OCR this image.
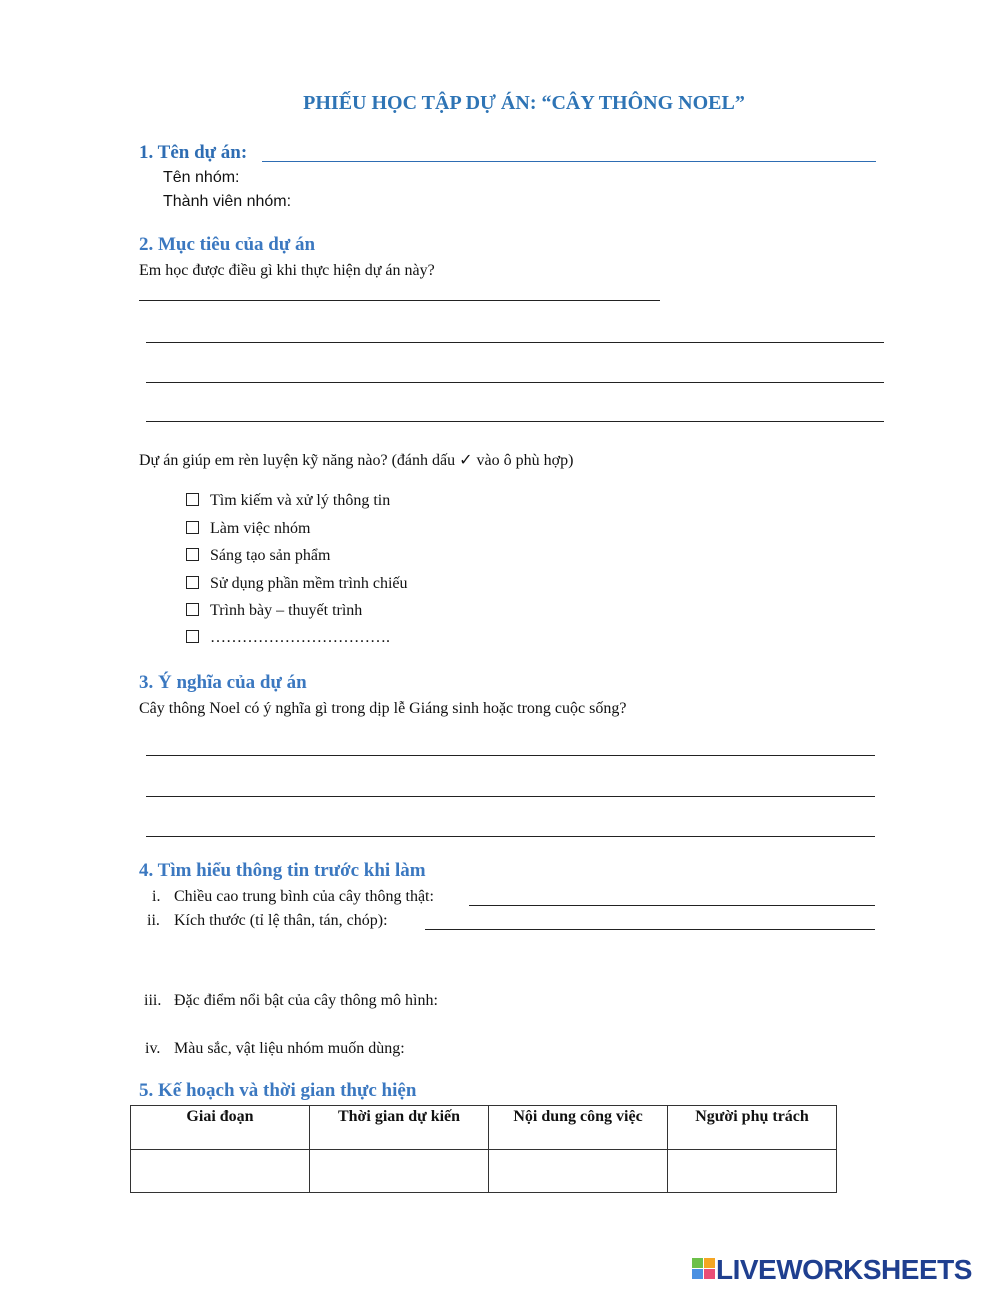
PHIẾU HỌC TẬP DỰ ÁN: “CÂY THÔNG NOEL”
1. Tên dự án:
Tên nhóm:
Thành viên nhóm:
2. Mục tiêu của dự án
Em học được điều gì khi thực hiện dự án này?
Dự án giúp em rèn luyện kỹ năng nào? (đánh dấu ✓ vào ô phù hợp)
Tìm kiếm và xử lý thông tin
Làm việc nhóm
Sáng tạo sản phẩm
Sử dụng phần mềm trình chiếu
Trình bày – thuyết trình
…………………………….
3. Ý nghĩa của dự án
Cây thông Noel có ý nghĩa gì trong dịp lễ Giáng sinh hoặc trong cuộc sống?
4. Tìm hiểu thông tin trước khi làm
i. Chiều cao trung bình của cây thông thật:
ii. Kích thước (tỉ lệ thân, tán, chóp):
iii. Đặc điểm nổi bật của cây thông mô hình:
iv. Màu sắc, vật liệu nhóm muốn dùng:
5. Kế hoạch và thời gian thực hiện
Giai đoạn	Thời gian dự kiến	Nội dung công việc	Người phụ trách

LIVEWORKSHEETS
